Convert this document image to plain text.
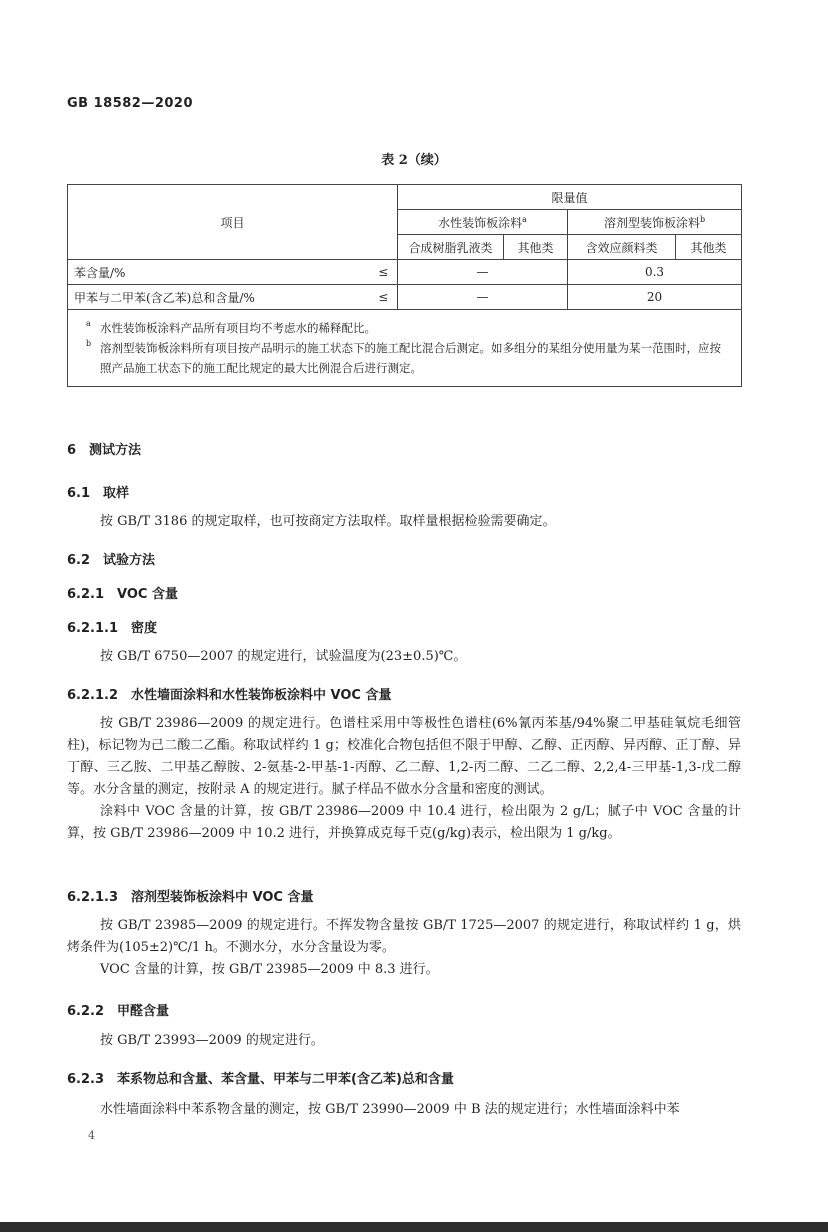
GB 18582—2020
表 2（续）
项目		限量值			
		水性装饰板涂料$^a$		溶剂型装饰板涂料$^b$
		合成树脂乳液类	其他类	含效应颜料类	其他类
苯含量/%	≤	—		0.3	
甲苯与二甲苯(含乙苯)总和含量/%	≤	—		20	

a 水性装饰板涂料产品所有项目均不考虑水的稀释配比。
b 溶剂型装饰板涂料所有项目按产品明示的施工状态下的施工配比混合后测定。如多组分的某组分使用量为某一范围时，应按照产品施工状态下的施工配比规定的最大比例混合后进行测定。					
6　测试方法
6.1　取样

按 GB/T 3186 的规定取样，也可按商定方法取样。取样量根据检验需要确定。

6.2　试验方法
6.2.1　VOC 含量
6.2.1.1　密度

按 GB/T 6750—2007 的规定进行，试验温度为(23±0.5)℃。

6.2.1.2　水性墙面涂料和水性装饰板涂料中 VOC 含量

按 GB/T 23986—2009 的规定进行。色谱柱采用中等极性色谱柱(6%氰丙苯基/94%聚二甲基硅氧烷毛细管柱)，标记物为己二酸二乙酯。称取试样约 1 g；校准化合物包括但不限于甲醇、乙醇、正丙醇、异丙醇、正丁醇、异丁醇、三乙胺、二甲基乙醇胺、2-氨基-2-甲基-1-丙醇、乙二醇、1,2-丙二醇、二乙二醇、2,2,4-三甲基-1,3-戊二醇等。水分含量的测定，按附录 A 的规定进行。腻子样品不做水分含量和密度的测试。

涂料中 VOC 含量的计算，按 GB/T 23986—2009 中 10.4 进行，检出限为 2 g/L；腻子中 VOC 含量的计算，按 GB/T 23986—2009 中 10.2 进行，并换算成克每千克(g/kg)表示，检出限为 1 g/kg。

6.2.1.3　溶剂型装饰板涂料中 VOC 含量

按 GB/T 23985—2009 的规定进行。不挥发物含量按 GB/T 1725—2007 的规定进行，称取试样约 1 g，烘烤条件为(105±2)℃/1 h。不测水分，水分含量设为零。

VOC 含量的计算，按 GB/T 23985—2009 中 8.3 进行。

6.2.2　甲醛含量

按 GB/T 23993—2009 的规定进行。

6.2.3　苯系物总和含量、苯含量、甲苯与二甲苯(含乙苯)总和含量

水性墙面涂料中苯系物含量的测定，按 GB/T 23990—2009 中 B 法的规定进行；水性墙面涂料中苯

4
